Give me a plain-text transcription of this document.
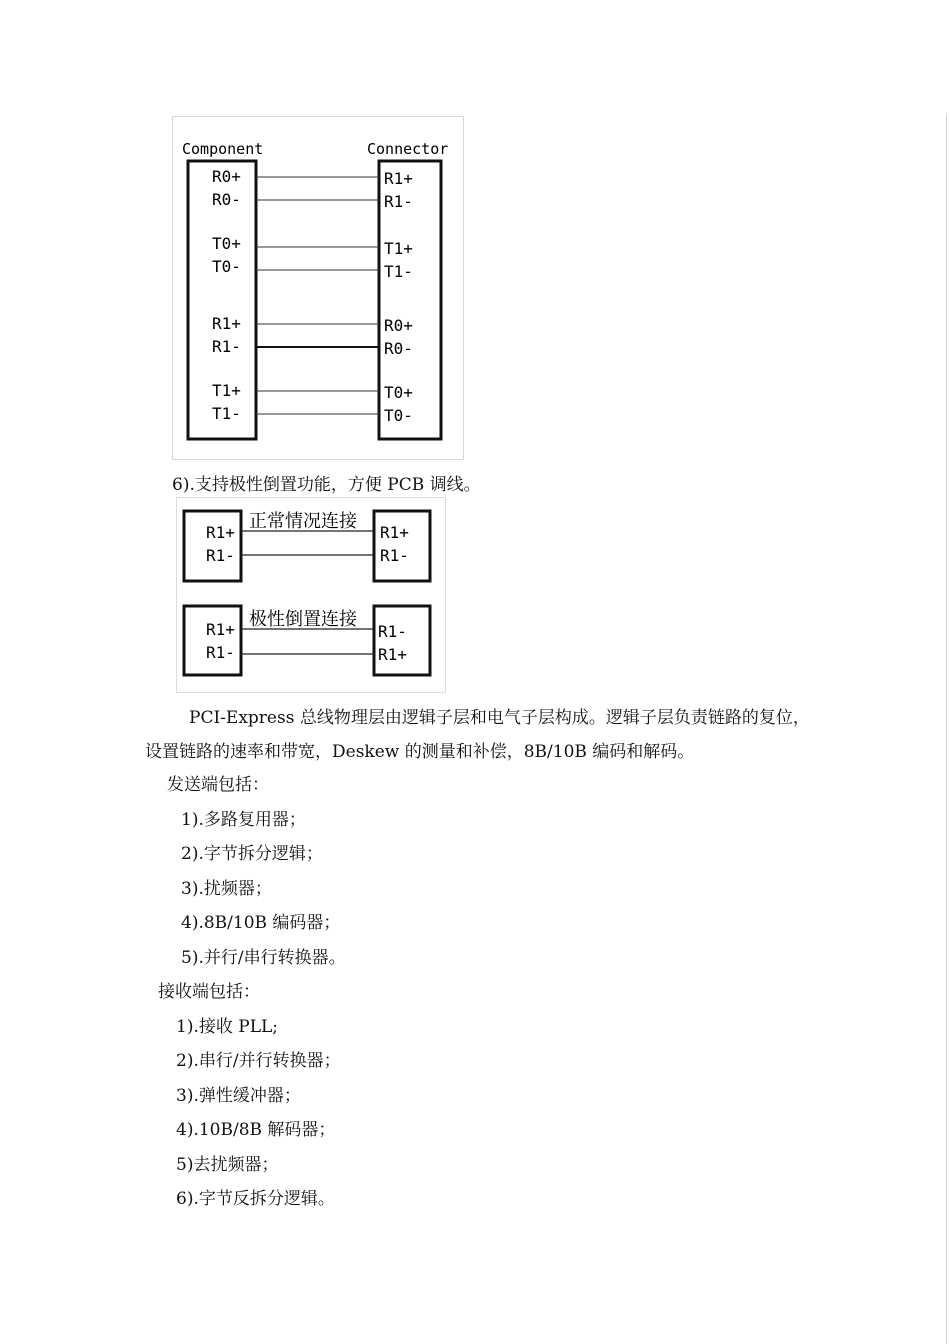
Component	Connector
R0+
R0-
T0+
T0-
R1+
R1-
T1+
T1-
R1+
R1-
T1+
T1-
R0+
R0-
T0+
T0-
6).支持极性倒置功能，方便 PCB 调线。
正常情况连接
R1+
R1-
R1+
R1-
极性倒置连接
R1+
R1-
R1-
R1+
PCI-Express 总线物理层由逻辑子层和电气子层构成。逻辑子层负责链路的复位，设置链路的速率和带宽，Deskew 的测量和补偿，8B/10B 编码和解码。
发送端包括：
1).多路复用器；
2).字节拆分逻辑；
3).扰频器；
4).8B/10B 编码器；
5).并行/串行转换器。
接收端包括：
1).接收 PLL;
2).串行/并行转换器；
3).弹性缓冲器；
4).10B/8B 解码器；
5)去扰频器；
6).字节反拆分逻辑。
